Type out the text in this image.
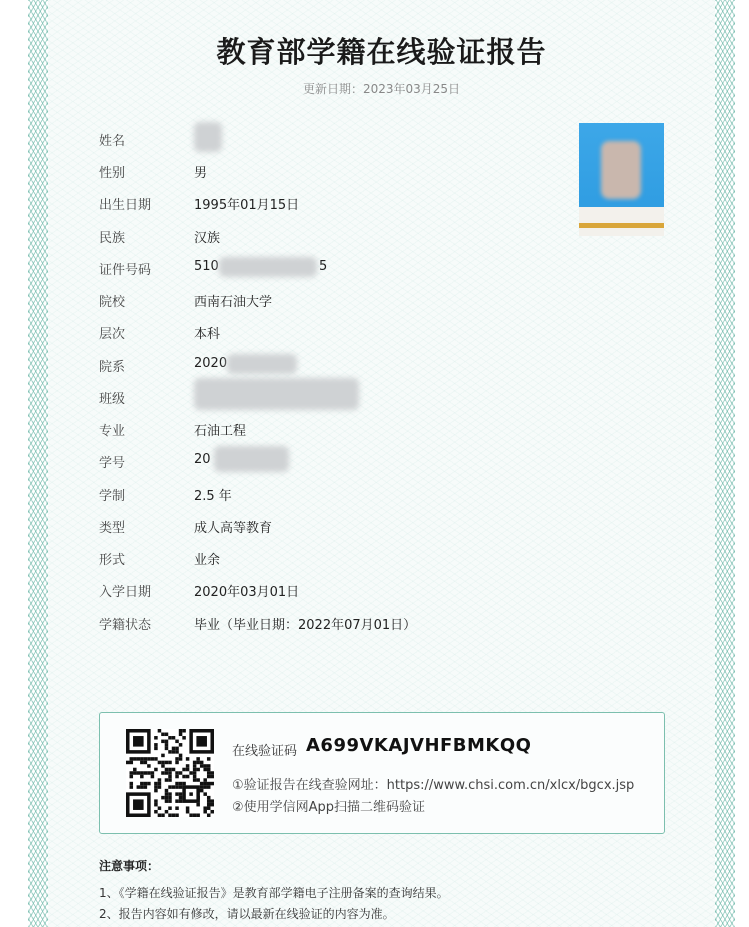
教育部学籍在线验证报告
更新日期：2023年03月25日
姓名
性别	男
出生日期	1995年01月15日
民族	汉族
证件号码	510	5
院校	西南石油大学
层次	本科
院系	2020
班级
专业	石油工程
学号	20
学制	2.5 年
类型	成人高等教育
形式	业余
入学日期	2020年03月01日
学籍状态	毕业（毕业日期：2022年07月01日）
在线验证码 A699VKAJVHFBMKQQ
①验证报告在线查验网址：https://www.chsi.com.cn/xlcx/bgcx.jsp
②使用学信网App扫描二维码验证
注意事项：
1、《学籍在线验证报告》是教育部学籍电子注册备案的查询结果。
2、报告内容如有修改，请以最新在线验证的内容为准。
